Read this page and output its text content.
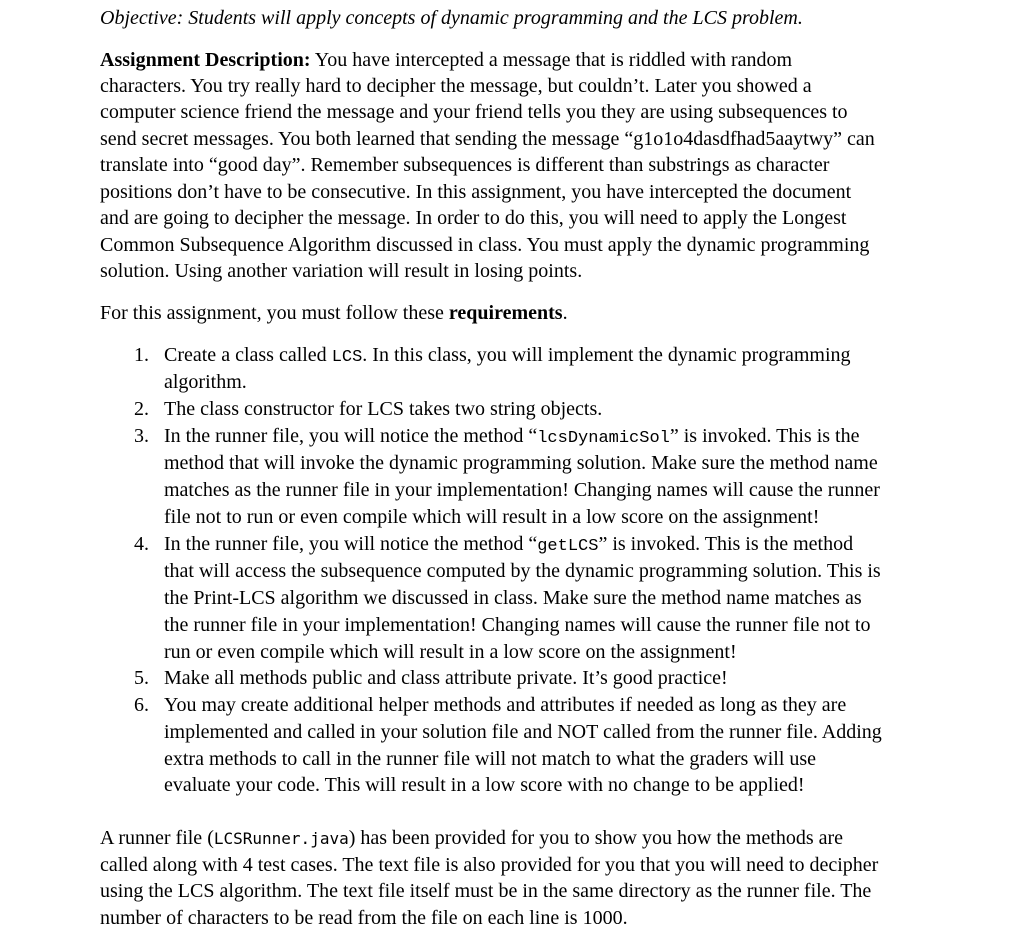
Objective: Students will apply concepts of dynamic programming and the LCS problem.
Assignment Description: You have intercepted a message that is riddled with random
characters. You try really hard to decipher the message, but couldn’t. Later you showed a
computer science friend the message and your friend tells you they are using subsequences to
send secret messages. You both learned that sending the message “g1o1o4dasdfhad5aaytwy” can
translate into “good day”. Remember subsequences is different than substrings as character
positions don’t have to be consecutive. In this assignment, you have intercepted the document
and are going to decipher the message. In order to do this, you will need to apply the Longest
Common Subsequence Algorithm discussed in class. You must apply the dynamic programming
solution. Using another variation will result in losing points.
For this assignment, you must follow these requirements.
1. Create a class called LCS. In this class, you will implement the dynamic programming
algorithm.
2. The class constructor for LCS takes two string objects.
3. In the runner file, you will notice the method “lcsDynamicSol” is invoked. This is the
method that will invoke the dynamic programming solution. Make sure the method name
matches as the runner file in your implementation! Changing names will cause the runner
file not to run or even compile which will result in a low score on the assignment!
4. In the runner file, you will notice the method “getLCS” is invoked. This is the method
that will access the subsequence computed by the dynamic programming solution. This is
the Print-LCS algorithm we discussed in class. Make sure the method name matches as
the runner file in your implementation! Changing names will cause the runner file not to
run or even compile which will result in a low score on the assignment!
5. Make all methods public and class attribute private. It’s good practice!
6. You may create additional helper methods and attributes if needed as long as they are
implemented and called in your solution file and NOT called from the runner file. Adding
extra methods to call in the runner file will not match to what the graders will use
evaluate your code. This will result in a low score with no change to be applied!
A runner file (LCSRunner.java) has been provided for you to show you how the methods are
called along with 4 test cases. The text file is also provided for you that you will need to decipher
using the LCS algorithm. The text file itself must be in the same directory as the runner file. The
number of characters to be read from the file on each line is 1000.
